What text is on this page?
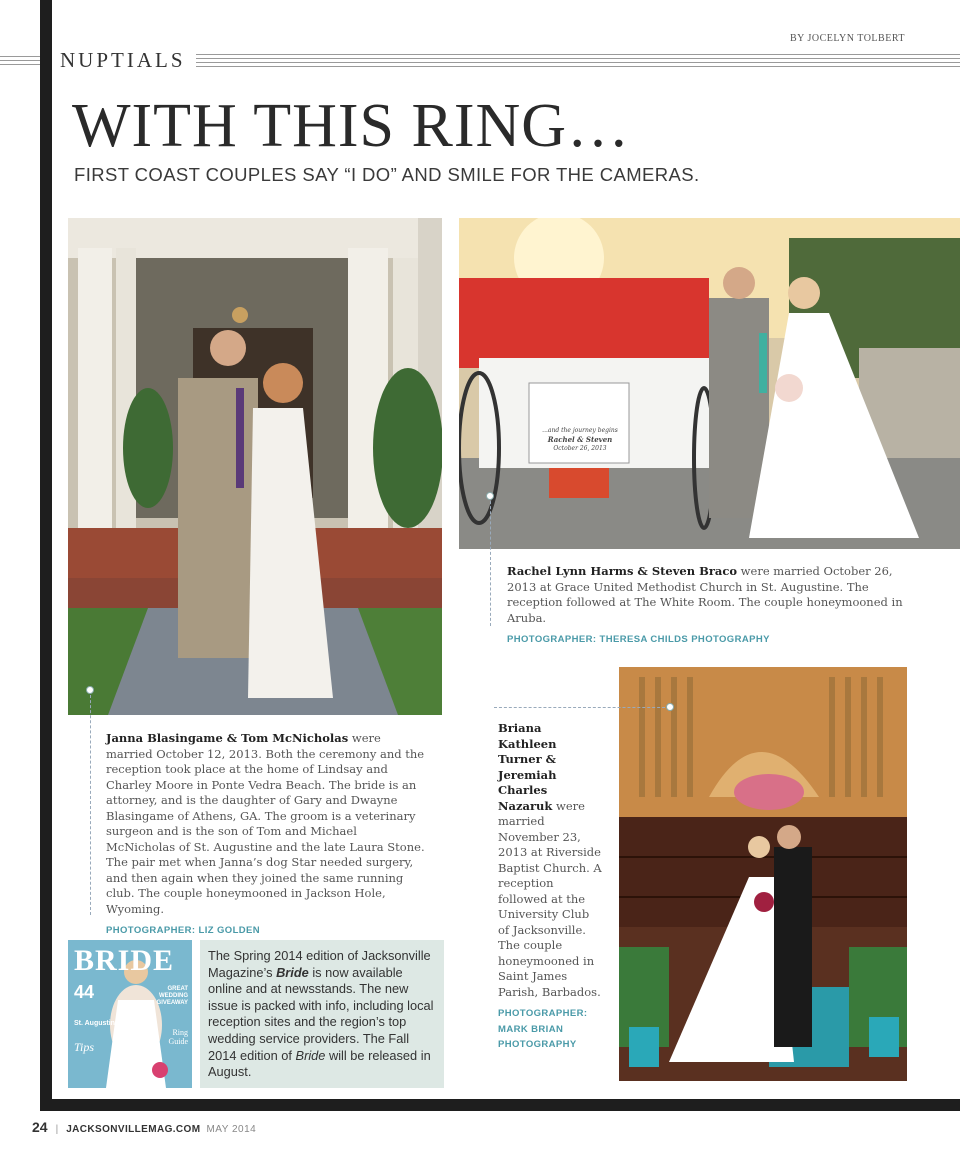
BY JOCELYN TOLBERT
NUPTIALS
WITH THIS RING…
FIRST COAST COUPLES SAY “I DO” AND SMILE FOR THE CAMERAS.
...and the journey begins
Rachel & Steven
October 26, 2013
Janna Blasingame & Tom McNicholas were married October 12, 2013. Both the ceremony and the reception took place at the home of Lindsay and Charley Moore in Ponte Vedra Beach. The bride is an attorney, and is the daughter of Gary and Dwayne Blasingame of Athens, GA. The groom is a veterinary surgeon and is the son of Tom and Michael McNicholas of St. Augustine and the late Laura Stone. The pair met when Janna’s dog Star needed surgery, and then again when they joined the same running club. The couple honeymooned in Jackson Hole, Wyoming.
PHOTOGRAPHER: LIZ GOLDEN
Rachel Lynn Harms & Steven Braco were married October 26, 2013 at Grace United Methodist Church in St. Augustine. The reception followed at The White Room. The couple honeymooned in Aruba.
PHOTOGRAPHER: THERESA CHILDS PHOTOGRAPHY
Briana Kathleen Turner & Jeremiah Charles Nazaruk were married November 23, 2013 at Riverside Baptist Church. A reception followed at the University Club of Jacksonville. The couple honeymooned in Saint James Parish, Barbados.
PHOTOGRAPHER: MARK BRIAN PHOTOGRAPHY
BRIDE
44
St. Augustine
Tips
GREAT WEDDING GIVEAWAY
Ring Guide
The Spring 2014 edition of Jacksonville Magazine’s Bride is now available online and at newsstands. The new issue is packed with info, including local reception sites and the region’s top wedding service providers. The Fall 2014 edition of Bride will be released in August.
24 | JACKSONVILLEMAG.COM MAY 2014
